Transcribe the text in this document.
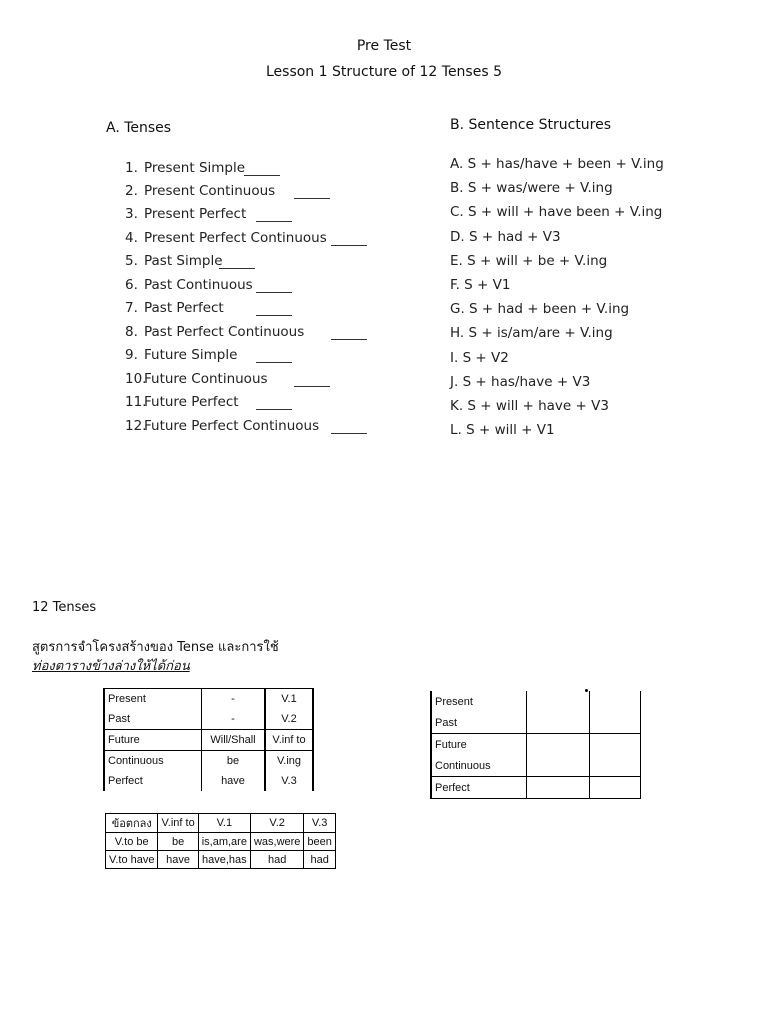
Pre Test
Lesson 1 Structure of 12 Tenses 5
A. Tenses
1. Present Simple
2. Present Continuous
3. Present Perfect
4. Present Perfect Continuous
5. Past Simple
6. Past Continuous
7. Past Perfect
8. Past Perfect Continuous
9. Future Simple
10.Future Continuous
11.Future Perfect
12.Future Perfect Continuous
B. Sentence Structures
A. S + has/have + been + V.ing
B. S + was/were + V.ing
C. S + will + have been + V.ing
D. S + had + V3
E. S + will + be + V.ing
F. S + V1
G. S + had + been + V.ing
H. S + is/am/are + V.ing
I. S + V2
J. S + has/have + V3
K. S + will + have + V3
L. S + will + V1
12 Tenses
สูตรการจำโครงสร้างของ Tense และการใช้
ท่องตารางข้างล่างให้ได้ก่อน
Present	-	V.1
Past	-	V.2
Future	Will/Shall	V.inf to
Continuous	be	V.ing
Perfect	have	V.3
ข้อตกลง	V.inf to	V.1	V.2	V.3
V.to be	be	is,am,are	was,were	been
V.to have	have	have,has	had	had
Present		
Past		
Future		
Continuous		
Perfect		
